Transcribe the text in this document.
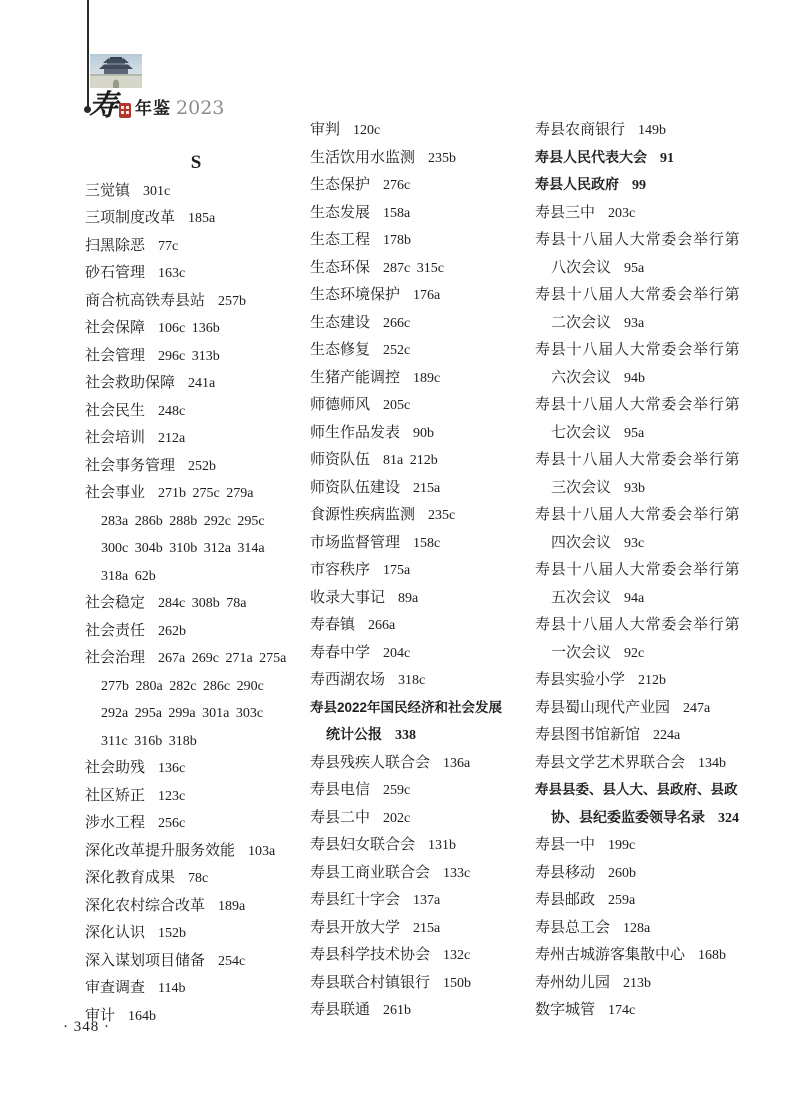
寿 年鉴 2023
S
三觉镇 301c
三项制度改革 185a
扫黑除恶 77c
砂石管理 163c
商合杭高铁寿县站 257b
社会保障 106c 136b
社会管理 296c 313b
社会救助保障 241a
社会民生 248c
社会培训 212a
社会事务管理 252b
社会事业 271b 275c 279a
283a 286b 288b 292c 295c
300c 304b 310b 312a 314a
318a 62b
社会稳定 284c 308b 78a
社会责任 262b
社会治理 267a 269c 271a 275a
277b 280a 282c 286c 290c
292a 295a 299a 301a 303c
311c 316b 318b
社会助残 136c
社区矫正 123c
涉水工程 256c
深化改革提升服务效能 103a
深化教育成果 78c
深化农村综合改革 189a
深化认识 152b
深入谋划项目储备 254c
审查调查 114b
审计 164b
审判 120c
生活饮用水监测 235b
生态保护 276c
生态发展 158a
生态工程 178b
生态环保 287c 315c
生态环境保护 176a
生态建设 266c
生态修复 252c
生猪产能调控 189c
师德师风 205c
师生作品发表 90b
师资队伍 81a 212b
师资队伍建设 215a
食源性疾病监测 235c
市场监督管理 158c
市容秩序 175a
收录大事记 89a
寿春镇 266a
寿春中学 204c
寿西湖农场 318c
寿县2022年国民经济和社会发展
统计公报 338
寿县残疾人联合会 136a
寿县电信 259c
寿县二中 202c
寿县妇女联合会 131b
寿县工商业联合会 133c
寿县红十字会 137a
寿县开放大学 215a
寿县科学技术协会 132c
寿县联合村镇银行 150b
寿县联通 261b
寿县农商银行 149b
寿县人民代表大会 91
寿县人民政府 99
寿县三中 203c
寿县十八届人大常委会举行第
八次会议 95a
寿县十八届人大常委会举行第
二次会议 93a
寿县十八届人大常委会举行第
六次会议 94b
寿县十八届人大常委会举行第
七次会议 95a
寿县十八届人大常委会举行第
三次会议 93b
寿县十八届人大常委会举行第
四次会议 93c
寿县十八届人大常委会举行第
五次会议 94a
寿县十八届人大常委会举行第
一次会议 92c
寿县实验小学 212b
寿县蜀山现代产业园 247a
寿县图书馆新馆 224a
寿县文学艺术界联合会 134b
寿县县委、县人大、县政府、县政
协、县纪委监委领导名录 324
寿县一中 199c
寿县移动 260b
寿县邮政 259a
寿县总工会 128a
寿州古城游客集散中心 168b
寿州幼儿园 213b
数字城管 174c
· 348 ·
